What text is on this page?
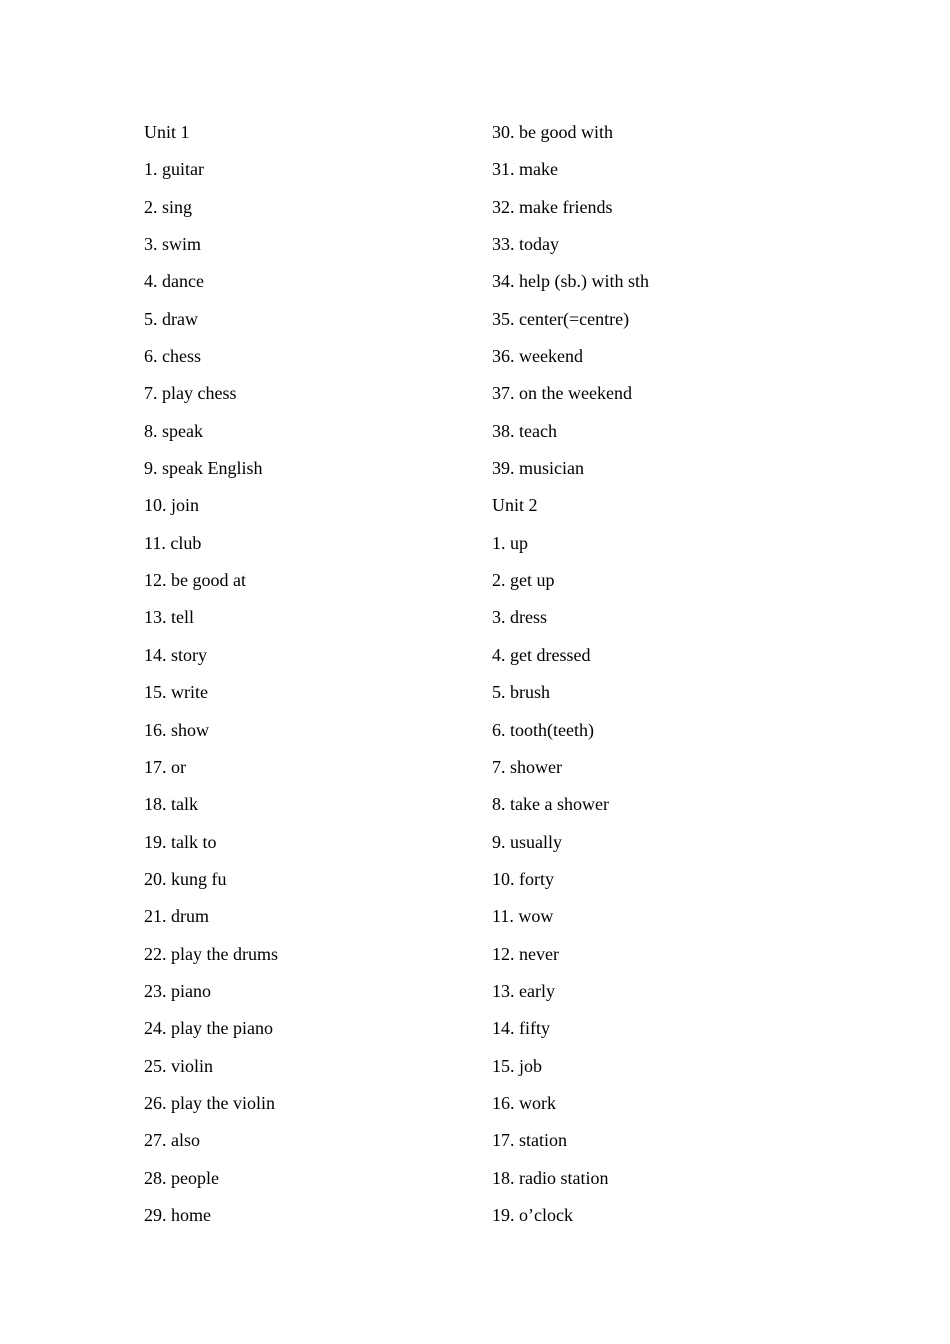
Unit 1
1. guitar
2. sing
3. swim
4. dance
5. draw
6. chess
7. play chess
8. speak
9. speak English
10. join
11. club
12. be good at
13. tell
14. story
15. write
16. show
17. or
18. talk
19. talk to
20. kung fu
21. drum
22. play the drums
23. piano
24. play the piano
25. violin
26. play the violin
27. also
28. people
29. home
30. be good with
31. make
32. make friends
33. today
34. help (sb.) with sth
35. center(=centre)
36. weekend
37. on the weekend
38. teach
39. musician
Unit 2
1. up
2. get up
3. dress
4. get dressed
5. brush
6. tooth(teeth)
7. shower
8. take a shower
9. usually
10. forty
11. wow
12. never
13. early
14. fifty
15. job
16. work
17. station
18. radio station
19. o’clock
